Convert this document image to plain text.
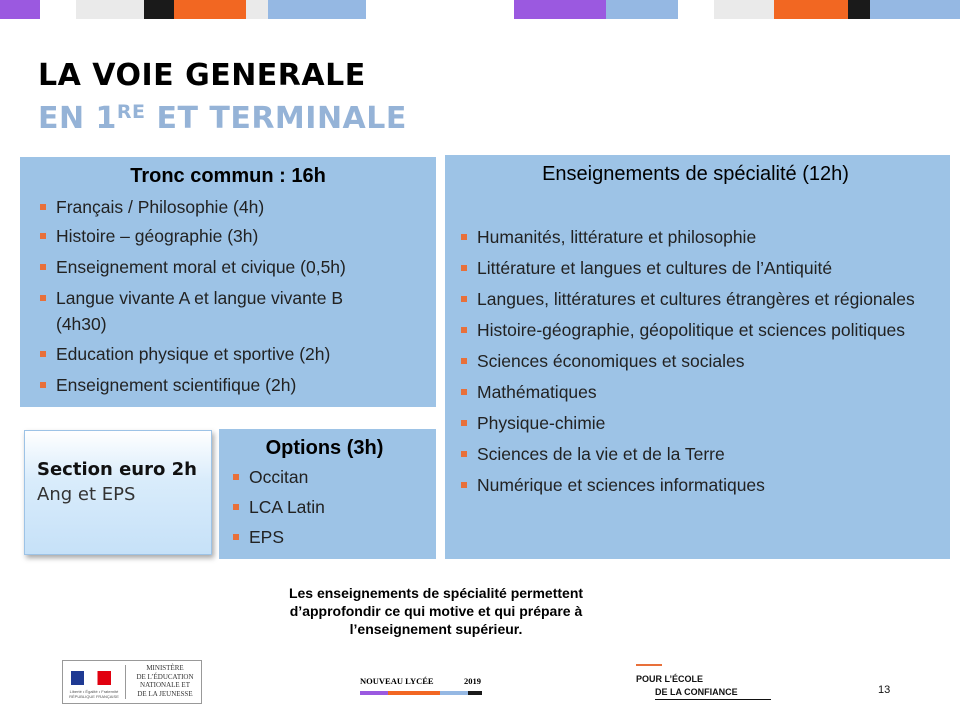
LA VOIE GENERALE
EN 1RE ET TERMINALE
Tronc commun : 16h
Français / Philosophie (4h)
Histoire – géographie (3h)
Enseignement moral et civique (0,5h)
Langue vivante A et langue vivante B (4h30)
Education physique et sportive (2h)
Enseignement scientifique (2h)
Enseignements de spécialité (12h)
Humanités, littérature et philosophie
Littérature et langues et cultures de l’Antiquité
Langues, littératures et cultures étrangères et régionales
Histoire-géographie, géopolitique et sciences politiques
Sciences économiques et sociales
Mathématiques
Physique-chimie
Sciences de la vie et de la Terre
Numérique et sciences informatiques
Section euro 2h
Ang et EPS
Options (3h)
Occitan
LCA Latin
EPS
Les enseignements de spécialité permettent
d’approfondir ce qui motive et qui prépare à
l’enseignement supérieur.
Liberté • Égalité • Fraternité
RÉPUBLIQUE FRANÇAISE
MINISTÈRE
DE L’ÉDUCATION
NATIONALE ET
DE LA JEUNESSE
NOUVEAU LYCÉE	2019	POUR L’ÉCOLE
DE LA CONFIANCE	13
